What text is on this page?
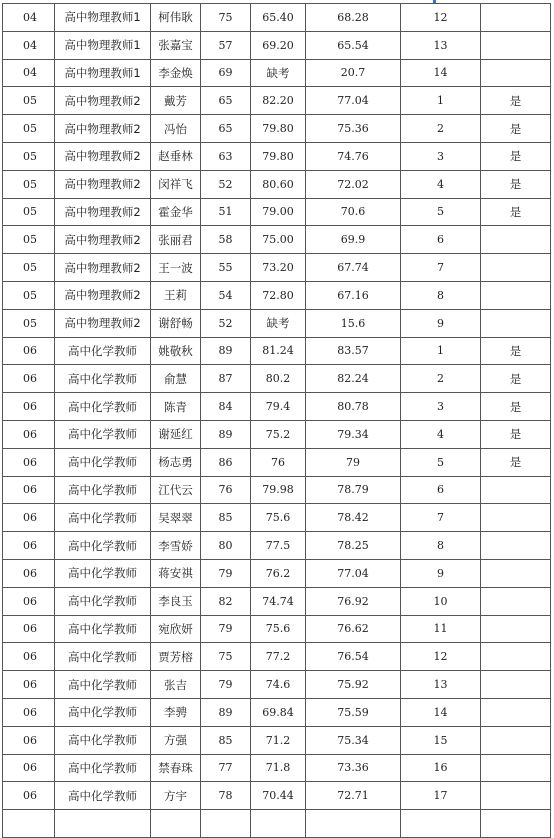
04	高中物理教师1	柯伟耿	75	65.40	68.28	12	
04	高中物理教师1	张嘉宝	57	69.20	65.54	13	
04	高中物理教师1	李金焕	69	缺考	20.7	14	
05	高中物理教师2	戴芳	65	82.20	77.04	1	是
05	高中物理教师2	冯怡	65	79.80	75.36	2	是
05	高中物理教师2	赵垂林	63	79.80	74.76	3	是
05	高中物理教师2	闵祥飞	52	80.60	72.02	4	是
05	高中物理教师2	霍金华	51	79.00	70.6	5	是
05	高中物理教师2	张丽君	58	75.00	69.9	6	
05	高中物理教师2	王一波	55	73.20	67.74	7	
05	高中物理教师2	王莉	54	72.80	67.16	8	
05	高中物理教师2	谢舒畅	52	缺考	15.6	9	
06	高中化学教师	姚敬秋	89	81.24	83.57	1	是
06	高中化学教师	俞慧	87	80.2	82.24	2	是
06	高中化学教师	陈青	84	79.4	80.78	3	是
06	高中化学教师	谢延红	89	75.2	79.34	4	是
06	高中化学教师	杨志勇	86	76	79	5	是
06	高中化学教师	江代云	76	79.98	78.79	6	
06	高中化学教师	吴翠翠	85	75.6	78.42	7	
06	高中化学教师	李雪娇	80	77.5	78.25	8	
06	高中化学教师	蒋安祺	79	76.2	77.04	9	
06	高中化学教师	李良玉	82	74.74	76.92	10	
06	高中化学教师	宛欣妍	79	75.6	76.62	11	
06	高中化学教师	贾芳榕	75	77.2	76.54	12	
06	高中化学教师	张吉	79	74.6	75.92	13	
06	高中化学教师	李骋	89	69.84	75.59	14	
06	高中化学教师	方强	85	71.2	75.34	15	
06	高中化学教师	禁春珠	77	71.8	73.36	16	
06	高中化学教师	方宇	78	70.44	72.71	17	
